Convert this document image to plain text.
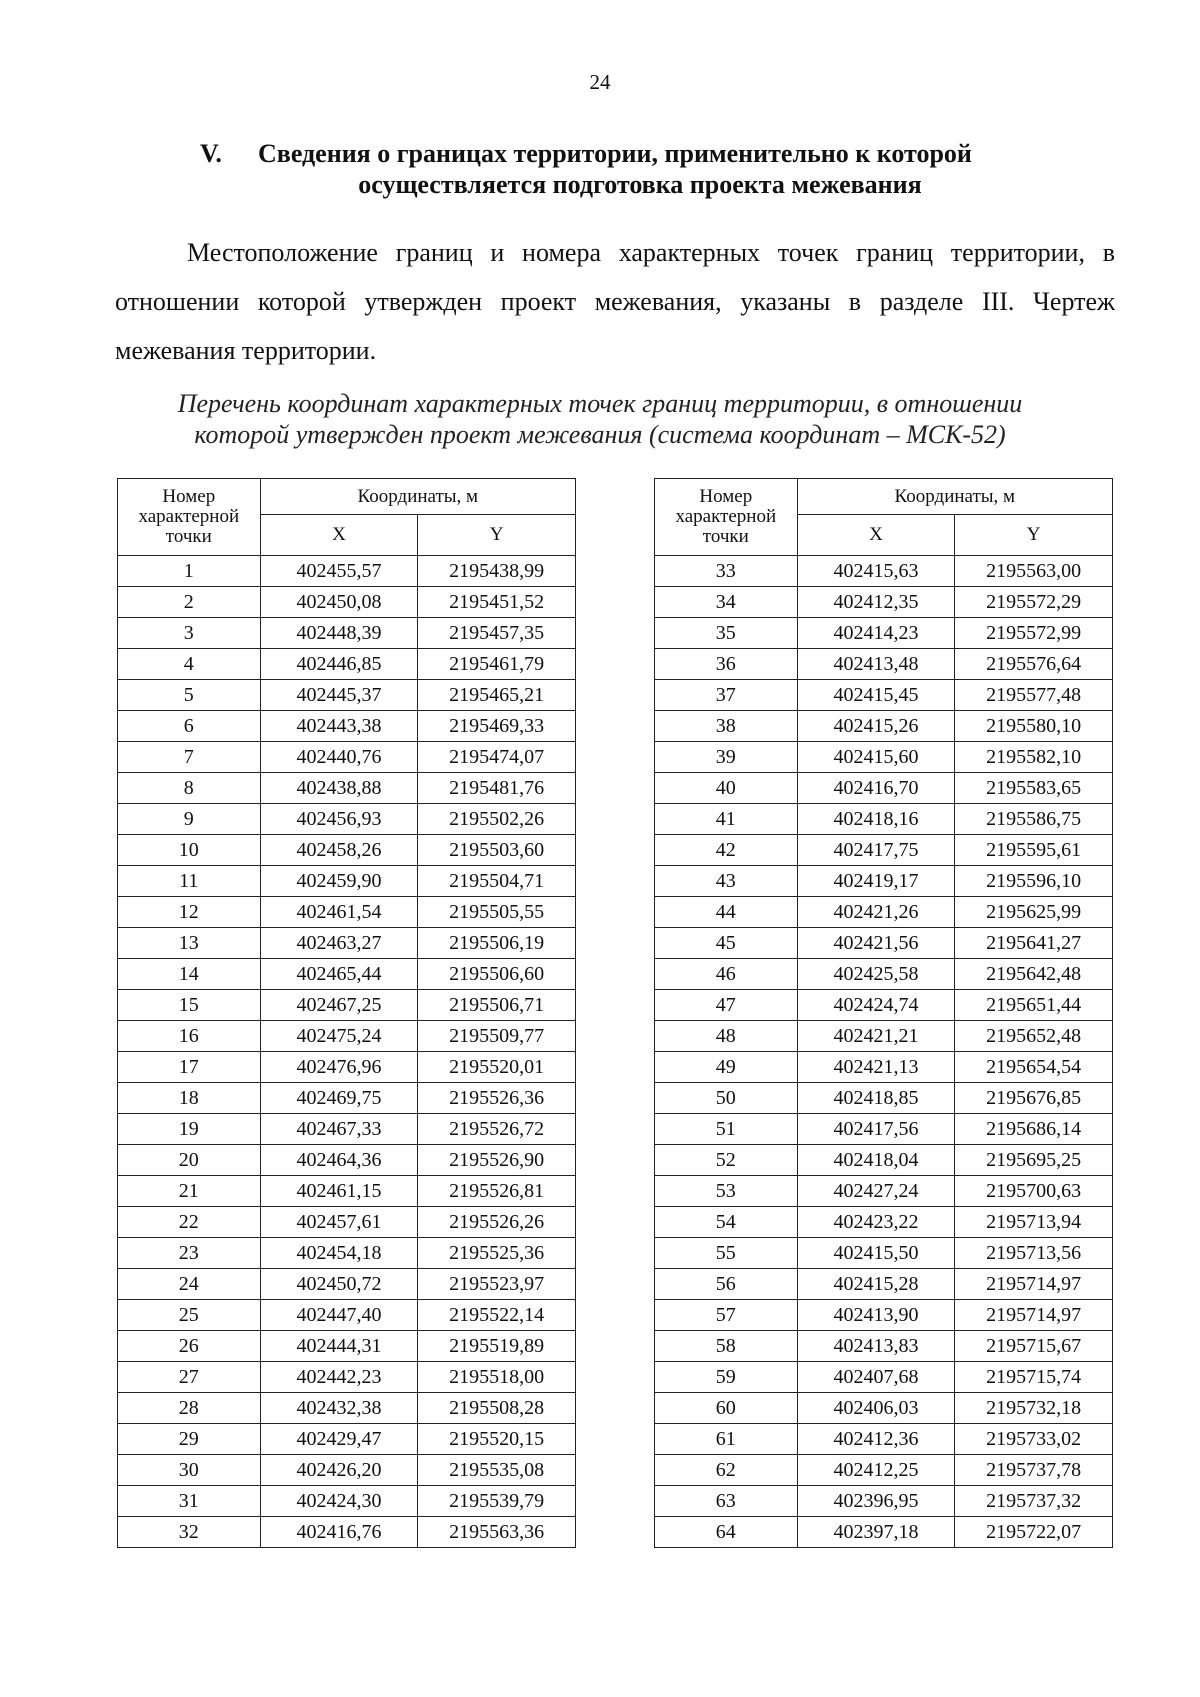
24
V. Сведения о границах территории, применительно к которой
осуществляется подготовка проекта межевания
Местоположение границ и номера характерных точек границ территории, в отношении которой утвержден проект межевания, указаны в разделе III. Чертеж межевания территории.
Перечень координат характерных точек границ территории, в отношении
которой утвержден проект межевания (система координат – МСК-52)
Номер характерной точки	Координаты, м	
	X	Y
1	402455,57	2195438,99
2	402450,08	2195451,52
3	402448,39	2195457,35
4	402446,85	2195461,79
5	402445,37	2195465,21
6	402443,38	2195469,33
7	402440,76	2195474,07
8	402438,88	2195481,76
9	402456,93	2195502,26
10	402458,26	2195503,60
11	402459,90	2195504,71
12	402461,54	2195505,55
13	402463,27	2195506,19
14	402465,44	2195506,60
15	402467,25	2195506,71
16	402475,24	2195509,77
17	402476,96	2195520,01
18	402469,75	2195526,36
19	402467,33	2195526,72
20	402464,36	2195526,90
21	402461,15	2195526,81
22	402457,61	2195526,26
23	402454,18	2195525,36
24	402450,72	2195523,97
25	402447,40	2195522,14
26	402444,31	2195519,89
27	402442,23	2195518,00
28	402432,38	2195508,28
29	402429,47	2195520,15
30	402426,20	2195535,08
31	402424,30	2195539,79
32	402416,76	2195563,36
Номер характерной точки	Координаты, м	
	X	Y
33	402415,63	2195563,00
34	402412,35	2195572,29
35	402414,23	2195572,99
36	402413,48	2195576,64
37	402415,45	2195577,48
38	402415,26	2195580,10
39	402415,60	2195582,10
40	402416,70	2195583,65
41	402418,16	2195586,75
42	402417,75	2195595,61
43	402419,17	2195596,10
44	402421,26	2195625,99
45	402421,56	2195641,27
46	402425,58	2195642,48
47	402424,74	2195651,44
48	402421,21	2195652,48
49	402421,13	2195654,54
50	402418,85	2195676,85
51	402417,56	2195686,14
52	402418,04	2195695,25
53	402427,24	2195700,63
54	402423,22	2195713,94
55	402415,50	2195713,56
56	402415,28	2195714,97
57	402413,90	2195714,97
58	402413,83	2195715,67
59	402407,68	2195715,74
60	402406,03	2195732,18
61	402412,36	2195733,02
62	402412,25	2195737,78
63	402396,95	2195737,32
64	402397,18	2195722,07
